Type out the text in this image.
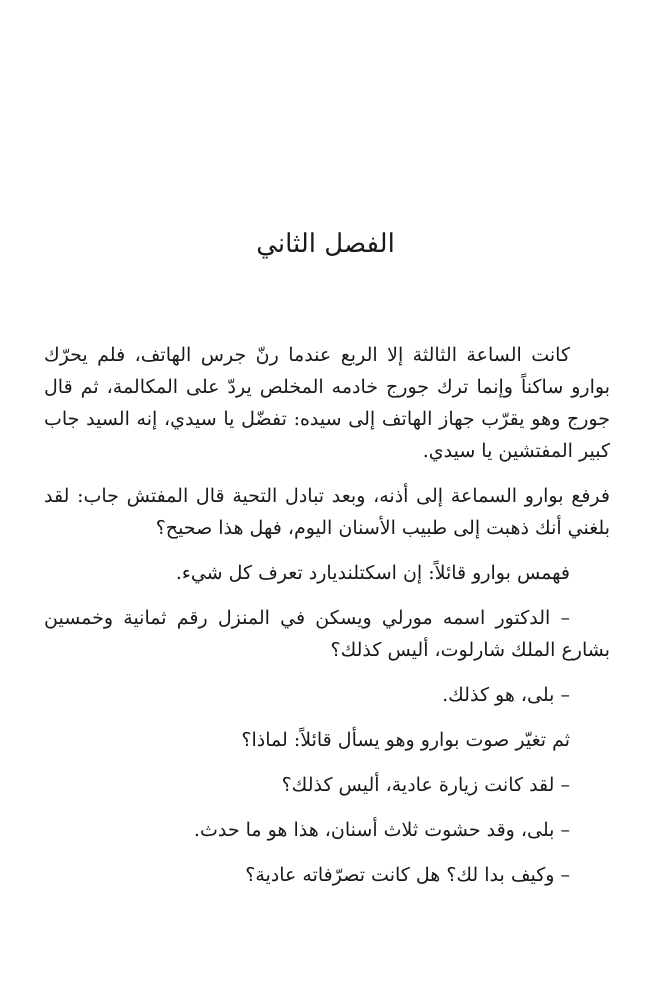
الفصل الثاني

كانت الساعة الثالثة إلا الربع عندما رنّ جرس الهاتف، فلم يحرّك بوارو ساكناً وإنما ترك جورج خادمه المخلص يردّ على المكالمة، ثم قال جورج وهو يقرّب جهاز الهاتف إلى سيده: تفضّل يا سيدي، إنه السيد جاب كبير المفتشين يا سيدي.

فرفع بوارو السماعة إلى أذنه، وبعد تبادل التحية قال المفتش جاب: لقد بلغني أنك ذهبت إلى طبيب الأسنان اليوم، فهل هذا صحيح؟

فهمس بوارو قائلاً: إن اسكتلنديارد تعرف كل شيء.

– الدكتور اسمه مورلي ويسكن في المنزل رقم ثمانية وخمسين بشارع الملك شارلوت، أليس كذلك؟

– بلى، هو كذلك.

ثم تغيّر صوت بوارو وهو يسأل قائلاً: لماذا؟

– لقد كانت زيارة عادية، أليس كذلك؟

– بلى، وقد حشوت ثلاث أسنان، هذا هو ما حدث.

– وكيف بدا لك؟ هل كانت تصرّفاته عادية؟
